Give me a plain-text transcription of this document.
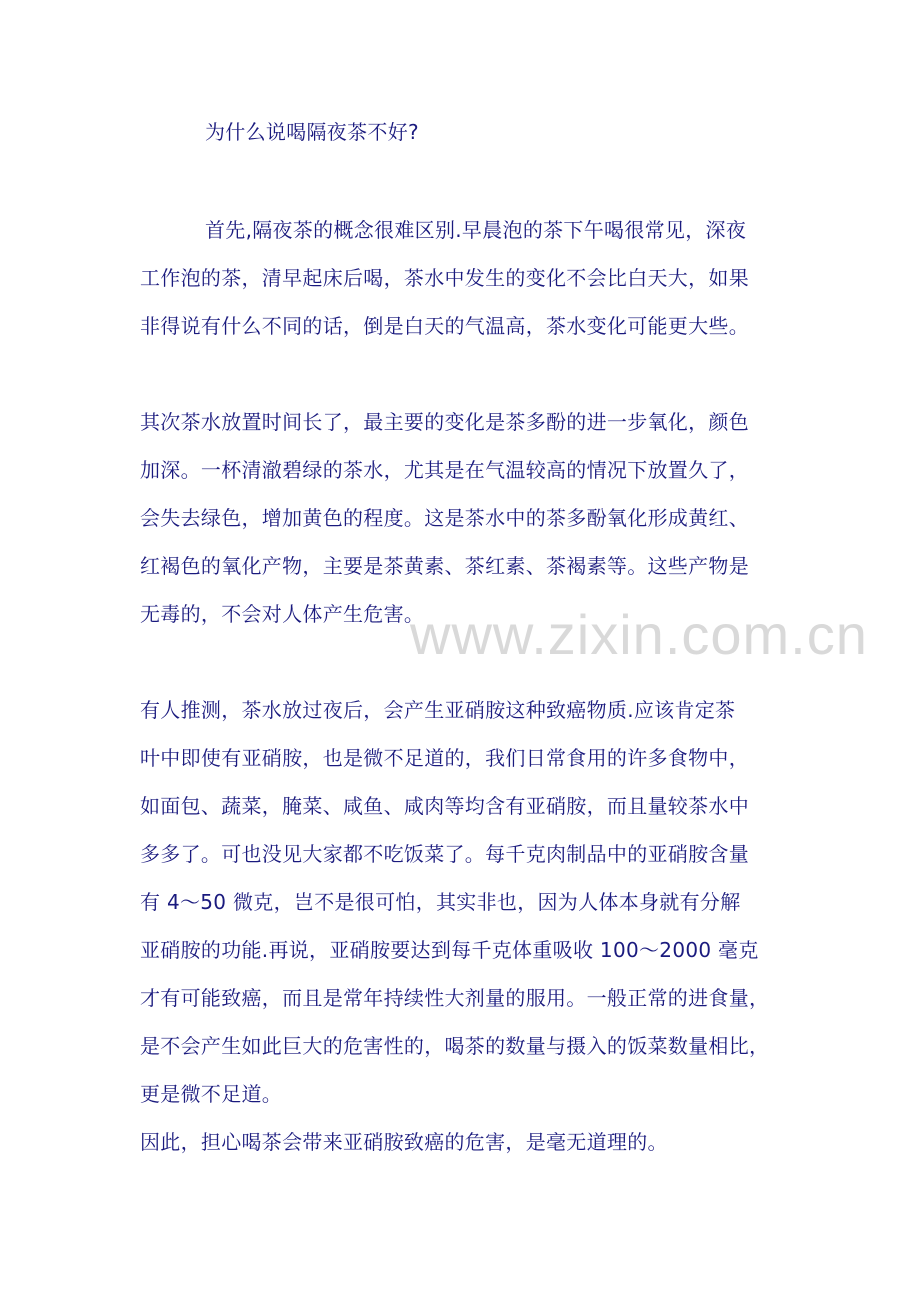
为什么说喝隔夜茶不好?
首先,隔夜茶的概念很难区别.早晨泡的茶下午喝很常见，深夜
工作泡的茶，清早起床后喝，茶水中发生的变化不会比白天大，如果
非得说有什么不同的话，倒是白天的气温高，茶水变化可能更大些。
其次茶水放置时间长了，最主要的变化是茶多酚的进一步氧化，颜色
加深。一杯清澈碧绿的茶水，尤其是在气温较高的情况下放置久了，
会失去绿色，增加黄色的程度。这是茶水中的茶多酚氧化形成黄红、
红褐色的氧化产物，主要是茶黄素、茶红素、茶褐素等。这些产物是
无毒的，不会对人体产生危害。
www.zixin.com.cn
有人推测，茶水放过夜后，会产生亚硝胺这种致癌物质.应该肯定茶
叶中即使有亚硝胺，也是微不足道的，我们日常食用的许多食物中，
如面包、蔬菜，腌菜、咸鱼、咸肉等均含有亚硝胺，而且量较茶水中
多多了。可也没见大家都不吃饭菜了。每千克肉制品中的亚硝胺含量
有 4～50 微克，岂不是很可怕，其实非也，因为人体本身就有分解
亚硝胺的功能.再说，亚硝胺要达到每千克体重吸收 100～2000 毫克
才有可能致癌，而且是常年持续性大剂量的服用。一般正常的进食量，
是不会产生如此巨大的危害性的，喝茶的数量与摄入的饭菜数量相比，
更是微不足道。
因此，担心喝茶会带来亚硝胺致癌的危害，是毫无道理的。
